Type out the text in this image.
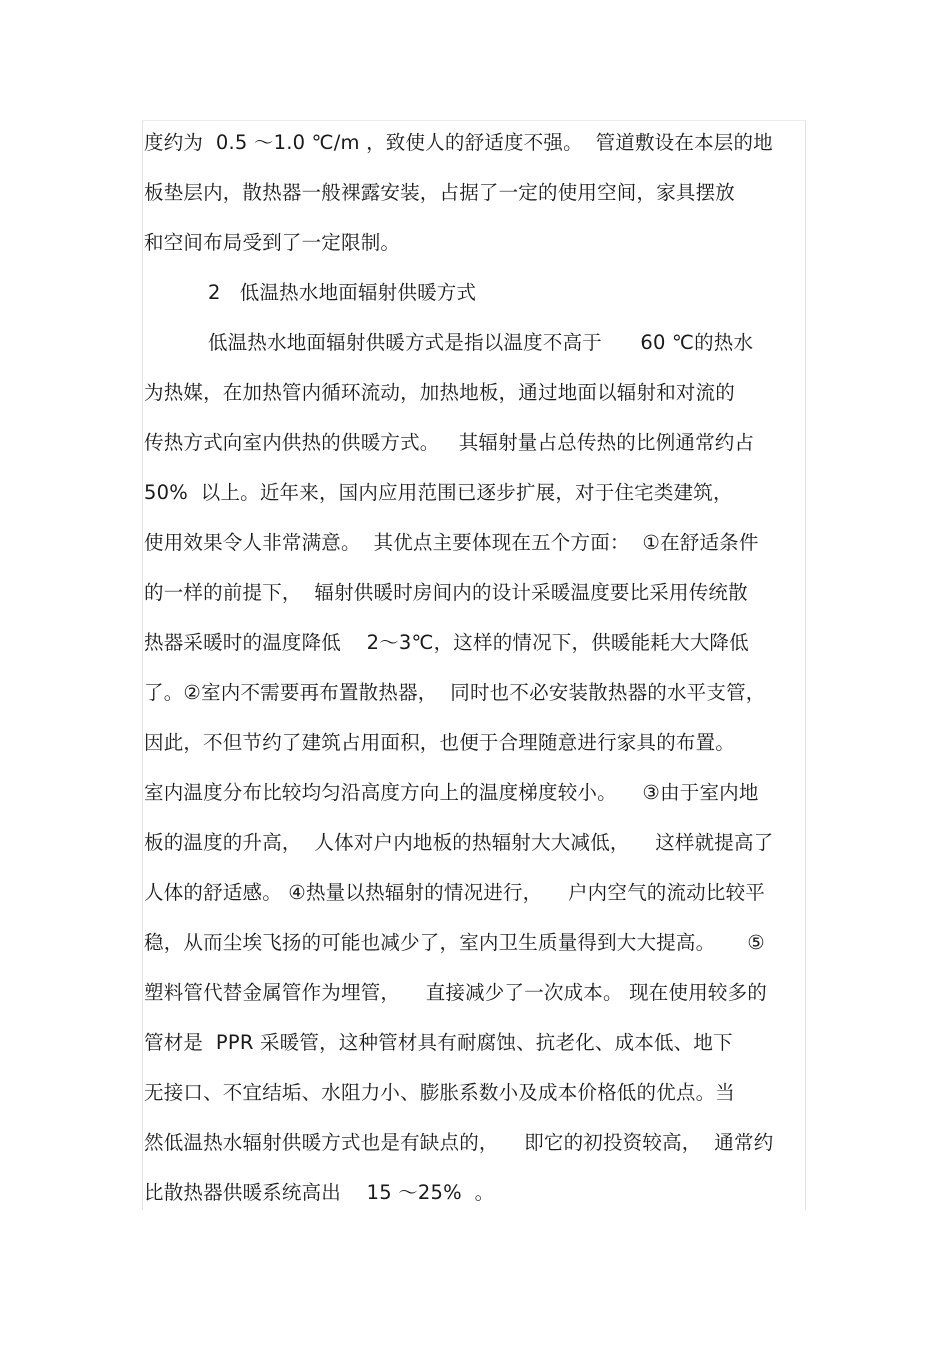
度约为  0.5 ～1.0 ℃/m ，致使人的舒适度不强。  管道敷设在本层的地
板垫层内，散热器一般裸露安装，占据了一定的使用空间，家具摆放
和空间布局受到了一定限制。
2   低温热水地面辐射供暖方式
低温热水地面辐射供暖方式是指以温度不高于      60 ℃的热水
为热媒，在加热管内循环流动，加热地板，通过地面以辐射和对流的
传热方式向室内供热的供暖方式。   其辐射量占总传热的比例通常约占
50%  以上。近年来，国内应用范围已逐步扩展，对于住宅类建筑，
使用效果令人非常满意。  其优点主要体现在五个方面：  ①在舒适条件
的一样的前提下，  辐射供暖时房间内的设计采暖温度要比采用传统散
热器采暖时的温度降低    2～3℃，这样的情况下，供暖能耗大大降低
了。②室内不需要再布置散热器，  同时也不必安装散热器的水平支管，
因此，不但节约了建筑占用面积，也便于合理随意进行家具的布置。
室内温度分布比较均匀沿高度方向上的温度梯度较小。    ③由于室内地
板的温度的升高，  人体对户内地板的热辐射大大减低，    这样就提高了
人体的舒适感。 ④热量以热辐射的情况进行，    户内空气的流动比较平
稳，从而尘埃飞扬的可能也减少了，室内卫生质量得到大大提高。     ⑤
塑料管代替金属管作为埋管，    直接减少了一次成本。 现在使用较多的
管材是  PPR 采暖管，这种管材具有耐腐蚀、抗老化、成本低、地下
无接口、不宜结垢、水阻力小、膨胀系数小及成本价格低的优点。当
然低温热水辐射供暖方式也是有缺点的，    即它的初投资较高，  通常约
比散热器供暖系统高出    15 ～25%  。
